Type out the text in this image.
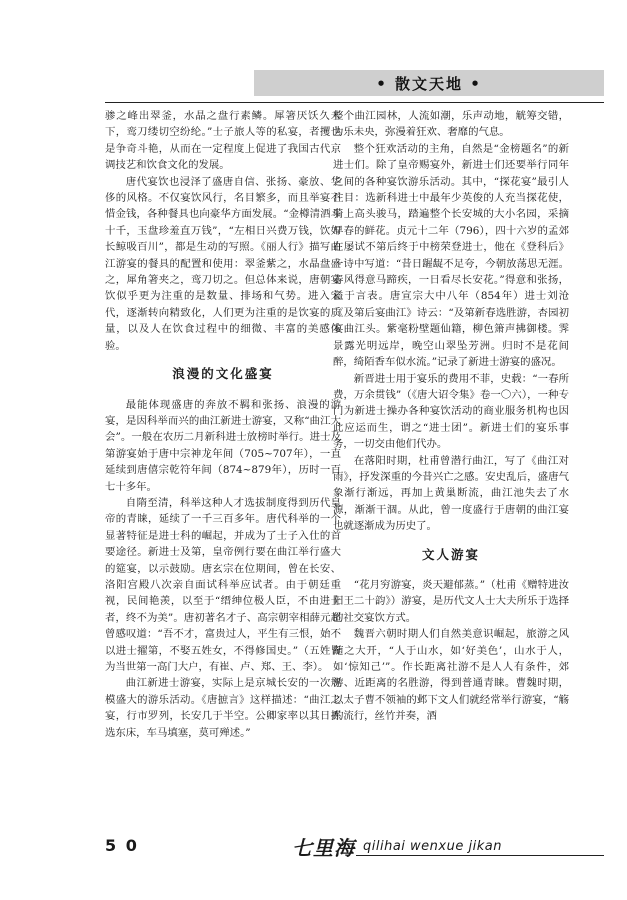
• 散文天地 •

骖之峰出翠釜，水晶之盘行素鳞。犀箸厌饫久未下，鸾刀缕切空纷纶。”士子旅人等的私宴，者攫也是争奇斗艳，从而在一定程度上促进了我国古代京调技艺和饮食文化的发展。

唐代宴饮也浸泽了盛唐自信、张扬、豪放、华侈的风格。不仅宴饮风行，名目繁多，而且举宴不惜金钱，各种餐具也向豪华方面发展。“金樽清酒斗十千，玉盘珍羞直万钱”，“左相日兴费万钱，饮如长鲸吸百川”，都是生动的写照。《丽人行》描写曲江游宴的餐具的配置和使用：翠釜紫之，水晶盘盛之，犀角箸夹之，鸾刀切之。但总体来说，唐朝宴饮似乎更为注重的是数量、排场和气势。进入宋代，逐渐转向精致化，人们更为注重的是饮宴的质量，以及人在饮食过程中的细微、丰富的美感体验。

浪漫的文化盛宴

最能体现盛唐的奔放不羁和张扬、浪漫的游宴，是因科举而兴的曲江新进士游宴，又称“曲江大会”。一般在农历二月新科进士放榜时举行。进士及第游宴始于唐中宗神龙年间（705~707年），一直延续到唐僖宗乾符年间（874~879年），历时一百七十多年。

自隋至清，科举这种人才选拔制度得到历代皇帝的青睐，延续了一千三百多年。唐代科举的一个显著特征是进士科的崛起，并成为了士子入仕的首要途径。新进士及第，皇帝例行要在曲江举行盛大的筵宴，以示鼓励。唐玄宗在位期间，曾在长安、洛阳宫殿八次亲自面试科举应试者。由于朝廷重视，民间艳羡，以至于“缙绅位极人臣，不由进士者，终不为美”。唐初著名才子、高宗朝宰相薛元超曾感叹道：“吾不才，富贵过人，平生有三恨，始不以进士擢第，不娶五姓女，不得修国史。”（五姓皆为当世第一高门大户，有崔、卢、郑、王、李）。

曲江新进士游宴，实际上是京城长安的一次规模盛大的游乐活动。《唐摭言》这样描述：“曲江之宴，行市罗列，长安几于半空。公卿家率以其日拣选东床，车马填塞，莫可殚述。”

整个曲江园林，人流如潮，乐声动地，觥筹交错，为乐未央，弥漫着狂欢、奢靡的气息。

整个狂欢活动的主角，自然是“金榜题名”的新进士们。除了皇帝赐宴外，新进士们还要举行同年之间的各种宴饮游乐活动。其中，“探花宴”最引人注目：选新科进士中最年少英俊的人充当探花使，骑上高头骏马，踏遍整个长安城的大小名园，采摘早春的鲜花。贞元十二年（796），四十六岁的孟郊在屡试不第后终于中榜荣登进士，他在《登科后》一诗中写道：“昔日龌龊不足夸，今朝放荡思无涯。春风得意马蹄疾，一日看尽长安花。”得意和张扬，溢于言表。唐宣宗大中八年（854年）进士刘沧《及第后宴曲江》诗云：“及第新春选胜游，杏园初宴曲江头。紫毫粉壁题仙籍，柳色箫声拂御楼。霁景露光明远岸，晚空山翠坠芳洲。归时不是花间醉，绮陌香车似水流。”记录了新进士游宴的盛况。

新晋进士用于宴乐的费用不菲，史载：“一春所费，万余贯钱”（《唐大诏令集》卷一〇六），一种专门为新进士操办各种宴饮活动的商业服务机构也因此应运而生，谓之“进士团”。新进士们的宴乐事务，一切交由他们代办。

在落阳时期，杜甫曾潜行曲江，写了《曲江对雨》，抒发深重的今昔兴亡之感。安史乱后，盛唐气象渐行渐远，再加上黄巢断流，曲江池失去了水源，渐渐干涸。从此，曾一度盛行于唐朝的曲江宴也就逐渐成为历史了。

文人游宴

“花月穷游宴，炎天避郁蒸。”（杜甫《赠特进汝阳王二十韵》）游宴，是历代文人士大夫所乐于选择的社交宴饮方式。

魏晋六朝时期人们自然美意识崛起，旅游之风随之大开，“人于山水，如‘好美色’，山水于人，如‘惊知己’”。作长距离社游不是人人有条件，郊游、近距离的名胜游，得到普通青睐。曹魏时期，以太子曹不领袖的邺下文人们就经常举行游宴，“觞酌流行，丝竹并奏，酒

5 0	七里海 qilihai wenxue jikan
